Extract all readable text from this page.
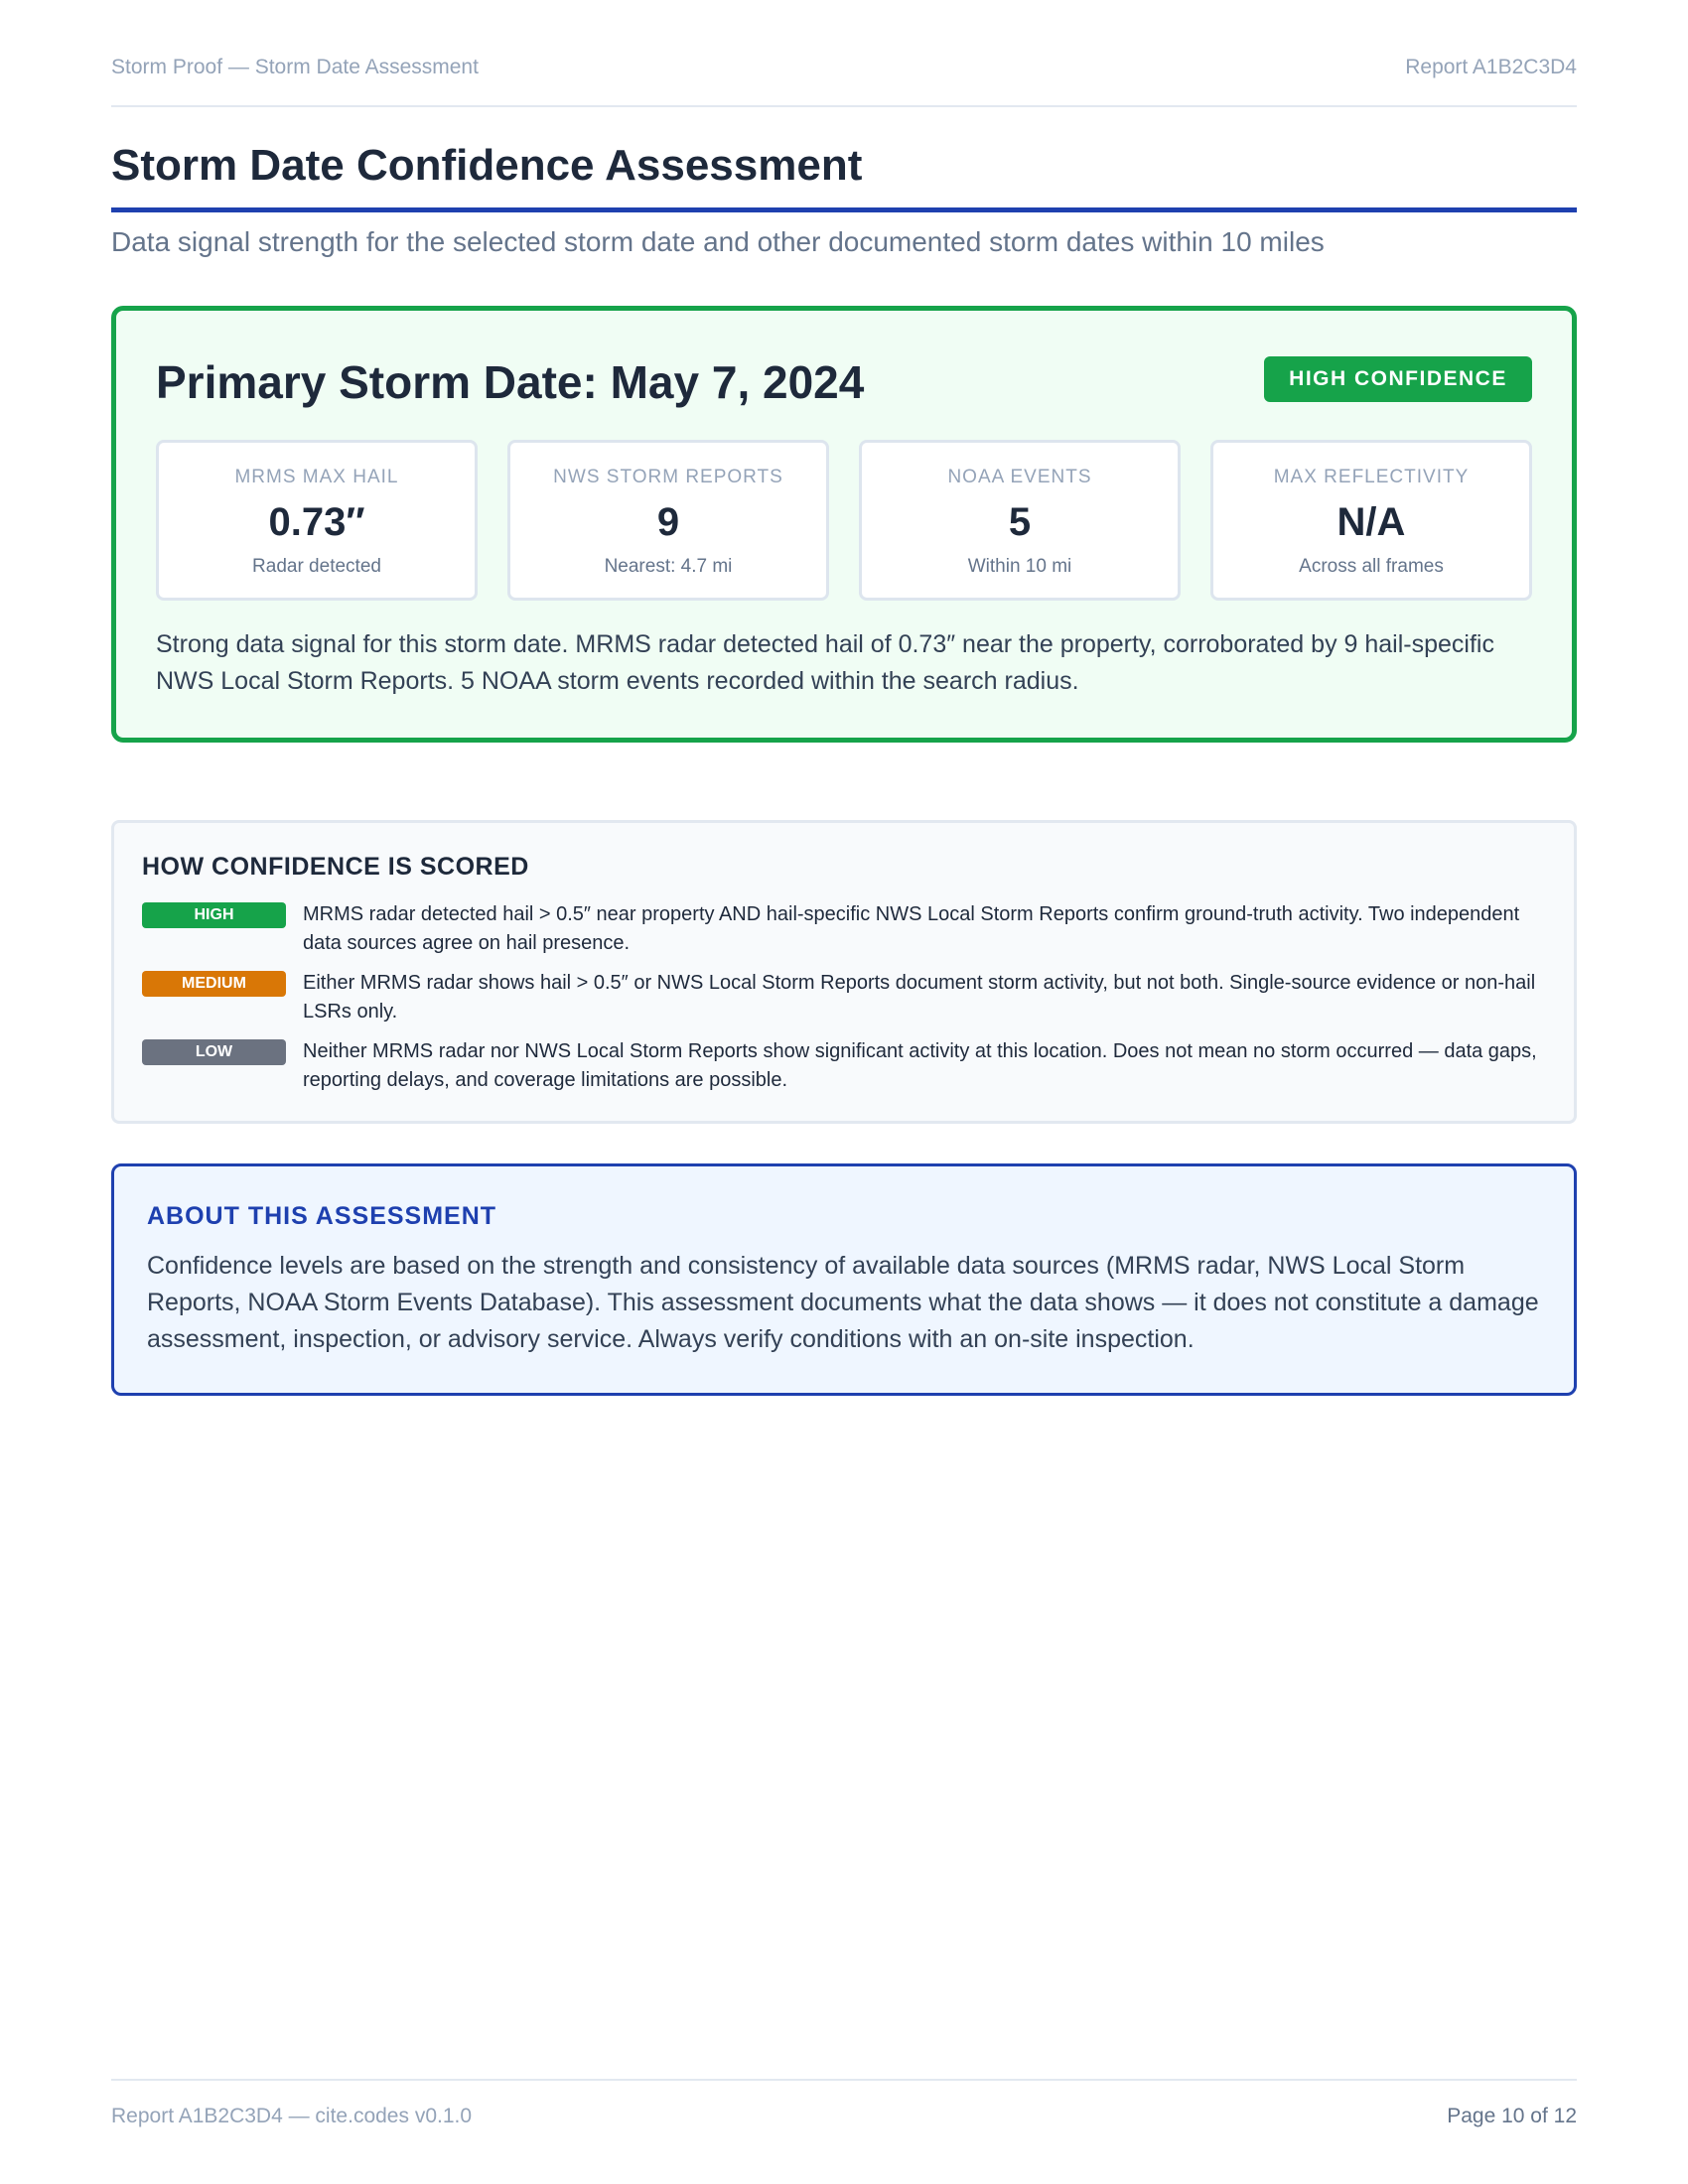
Storm Proof — Storm Date Assessment	Report A1B2C3D4
Storm Date Confidence Assessment
Data signal strength for the selected storm date and other documented storm dates within 10 miles
Primary Storm Date: May 7, 2024	HIGH CONFIDENCE
MRMS MAX HAIL
0.73″
Radar detected
NWS STORM REPORTS
9
Nearest: 4.7 mi
NOAA EVENTS
5
Within 10 mi
MAX REFLECTIVITY
N/A
Across all frames

Strong data signal for this storm date. MRMS radar detected hail of 0.73″ near the property, corroborated by 9 hail-specific NWS Local Storm Reports. 5 NOAA storm events recorded within the search radius.

HOW CONFIDENCE IS SCORED
HIGH	MRMS radar detected hail > 0.5″ near property AND hail-specific NWS Local Storm Reports confirm ground-truth activity. Two independent data sources agree on hail presence.
MEDIUM	Either MRMS radar shows hail > 0.5″ or NWS Local Storm Reports document storm activity, but not both. Single-source evidence or non-hail LSRs only.
LOW	Neither MRMS radar nor NWS Local Storm Reports show significant activity at this location. Does not mean no storm occurred — data gaps, reporting delays, and coverage limitations are possible.
ABOUT THIS ASSESSMENT

Confidence levels are based on the strength and consistency of available data sources (MRMS radar, NWS Local Storm Reports, NOAA Storm Events Database). This assessment documents what the data shows — it does not constitute a damage assessment, inspection, or advisory service. Always verify conditions with an on-site inspection.

Report A1B2C3D4 — cite.codes v0.1.0	Page 10 of 12
